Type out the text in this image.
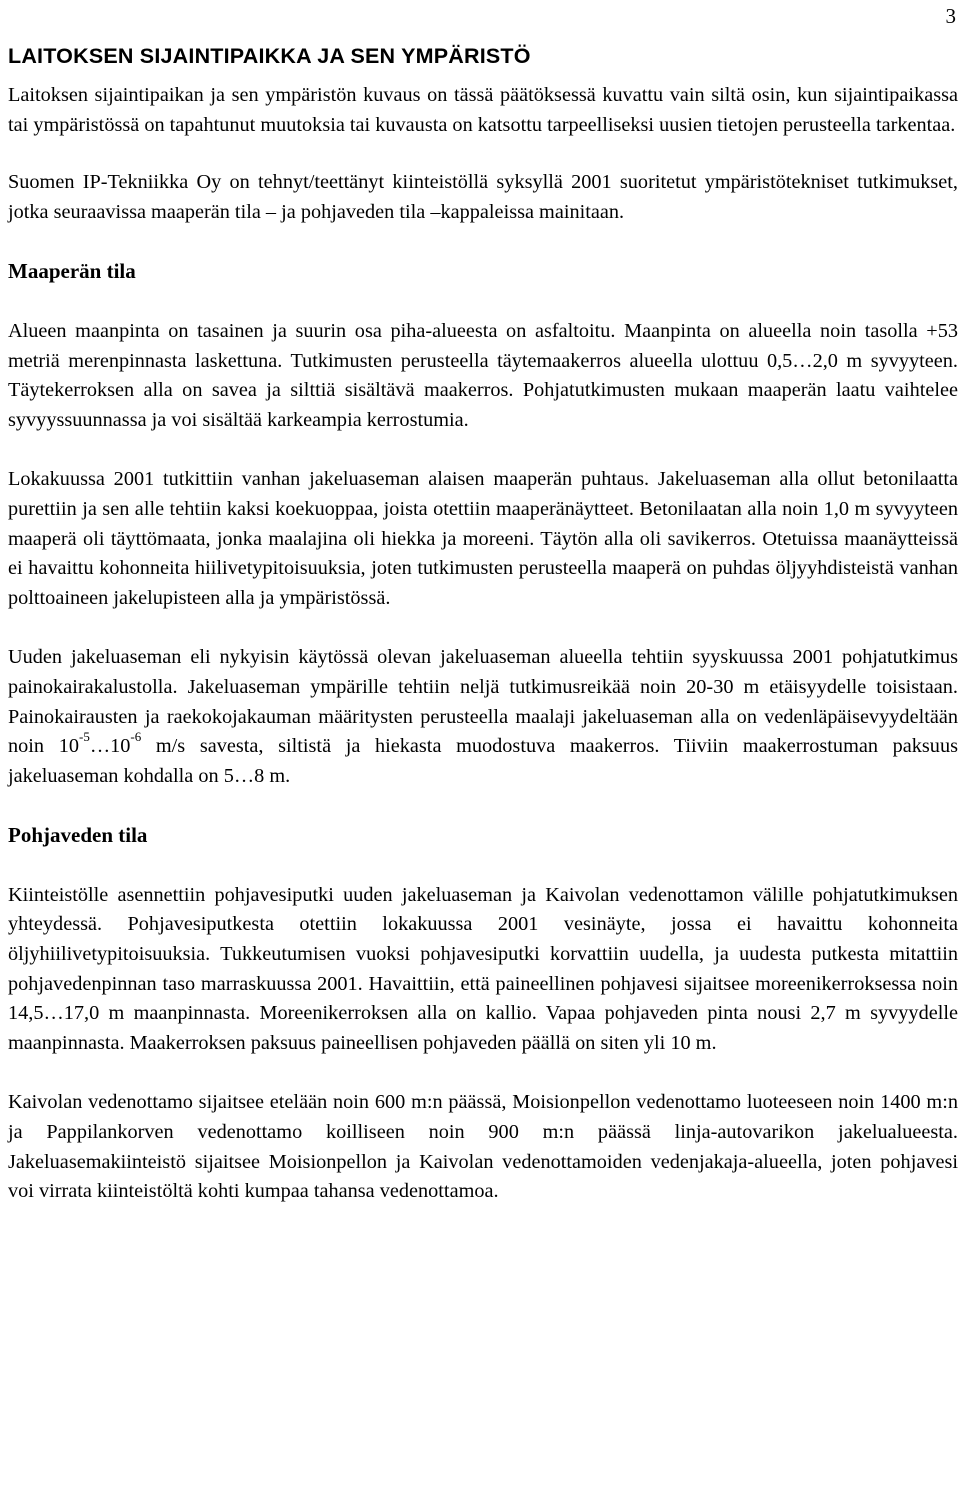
3
LAITOKSEN SIJAINTIPAIKKA JA SEN YMPÄRISTÖ

Laitoksen sijaintipaikan ja sen ympäristön kuvaus on tässä päätöksessä kuvattu vain siltä osin, kun sijaintipaikassa tai ympäristössä on tapahtunut muutoksia tai kuvausta on katsottu tarpeelliseksi uusien tietojen perusteella tarkentaa.

Suomen IP-Tekniikka Oy on tehnyt/teettänyt kiinteistöllä syksyllä 2001 suoritetut ympäristötekniset tutkimukset, jotka seuraavissa maaperän tila – ja pohjaveden tila –kappaleissa mainitaan.

Maaperän tila

Alueen maanpinta on tasainen ja suurin osa piha-alueesta on asfaltoitu. Maanpinta on alueella noin tasolla +53 metriä merenpinnasta laskettuna. Tutkimusten perusteella täytemaakerros alueella ulottuu 0,5…2,0 m syvyyteen. Täytekerroksen alla on savea ja silttiä sisältävä maakerros. Pohjatutkimusten mukaan maaperän laatu vaihtelee syvyyssuunnassa ja voi sisältää karkeampia kerrostumia.

Lokakuussa 2001 tutkittiin vanhan jakeluaseman alaisen maaperän puhtaus. Jakeluaseman alla ollut betonilaatta purettiin ja sen alle tehtiin kaksi koekuoppaa, joista otettiin maaperänäytteet. Betonilaatan alla noin 1,0 m syvyyteen maaperä oli täyttömaata, jonka maalajina oli hiekka ja moreeni. Täytön alla oli savikerros. Otetuissa maanäytteissä ei havaittu kohonneita hiilivetypitoisuuksia, joten tutkimusten perusteella maaperä on puhdas öljyyhdisteistä vanhan polttoaineen jakelupisteen alla ja ympäristössä.

Uuden jakeluaseman eli nykyisin käytössä olevan jakeluaseman alueella tehtiin syyskuussa 2001 pohjatutkimus painokairakalustolla. Jakeluaseman ympärille tehtiin neljä tutkimusreikää noin 20-30 m etäisyydelle toisistaan. Painokairausten ja raekokojakauman määritysten perusteella maalaji jakeluaseman alla on vedenläpäisevyydeltään noin $10^{-5}\dots 10^{-6}$ m/s savesta, siltistä ja hiekasta muodostuva maakerros. Tiiviin maakerrostuman paksuus jakeluaseman kohdalla on 5…8 m.

Pohjaveden tila

Kiinteistölle asennettiin pohjavesiputki uuden jakeluaseman ja Kaivolan vedenottamon välille pohjatutkimuksen yhteydessä. Pohjavesiputkesta otettiin lokakuussa 2001 vesinäyte, jossa ei havaittu kohonneita öljyhiilivetypitoisuuksia. Tukkeutumisen vuoksi pohjavesiputki korvattiin uudella, ja uudesta putkesta mitattiin pohjavedenpinnan taso marraskuussa 2001. Havaittiin, että paineellinen pohjavesi sijaitsee moreenikerroksessa noin 14,5…17,0 m maanpinnasta. Moreenikerroksen alla on kallio. Vapaa pohjaveden pinta nousi 2,7 m syvyydelle maanpinnasta. Maakerroksen paksuus paineellisen pohjaveden päällä on siten yli 10 m.

Kaivolan vedenottamo sijaitsee etelään noin 600 m:n päässä, Moisionpellon vedenottamo luoteeseen noin 1400 m:n ja Pappilankorven vedenottamo koilliseen noin 900 m:n päässä linja-autovarikon jakelualueesta. Jakeluasemakiinteistö sijaitsee Moisionpellon ja Kaivolan vedenottamoiden vedenjakaja-alueella, joten pohjavesi voi virrata kiinteistöltä kohti kumpaa tahansa vedenottamoa.
